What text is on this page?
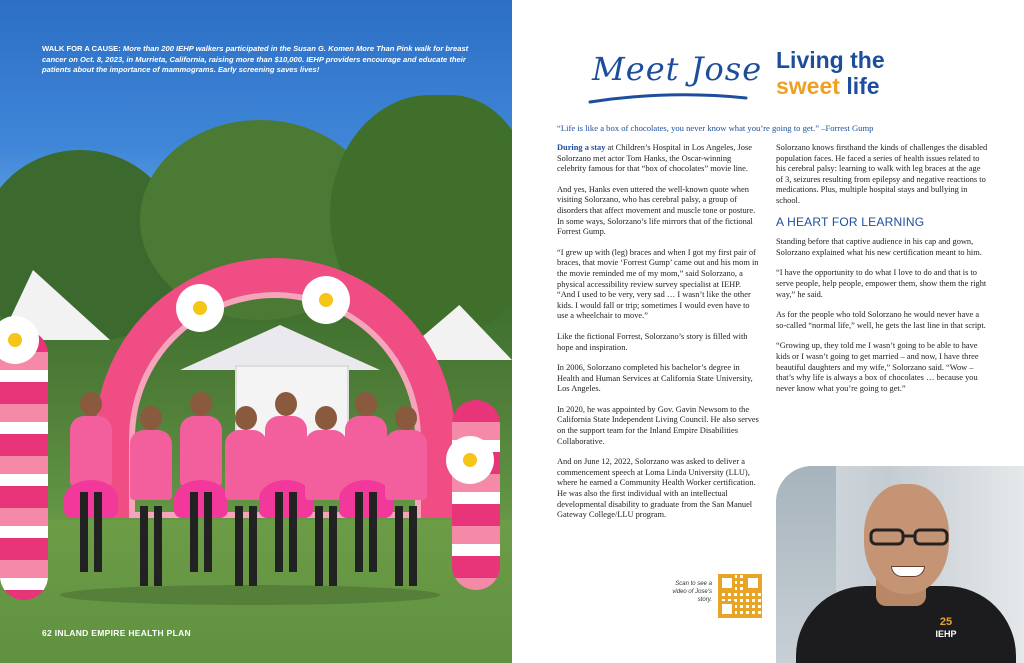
WALK FOR A CAUSE: More than 200 IEHP walkers participated in the Susan G. Komen More Than Pink walk for breast cancer on Oct. 8, 2023, in Murrieta, California, raising more than $10,000. IEHP providers encourage and educate their patients about the importance of mammograms. Early screening saves lives!
62 INLAND EMPIRE HEALTH PLAN
Meet Jose Living the
sweet life
“Life is like a box of chocolates, you never know what you’re going to get.” –Forrest Gump

During a stay at Children’s Hospital in Los Angeles, Jose Solorzano met actor Tom Hanks, the Oscar-winning celebrity famous for that “box of chocolates” movie line.

And yes, Hanks even uttered the well-known quote when visiting Solorzano, who has cerebral palsy, a group of disorders that affect movement and muscle tone or posture. In some ways, Solorzano’s life mirrors that of the fictional Forrest Gump.

“I grew up with (leg) braces and when I got my first pair of braces, that movie ‘Forrest Gump’ came out and his mom in the movie reminded me of my mom,” said Solorzano, a physical accessibility review survey specialist at IEHP. “And I used to be very, very sad … I wasn’t like the other kids. I would fall or trip; sometimes I would even have to use a wheelchair to move.”

Like the fictional Forrest, Solorzano’s story is filled with hope and inspiration.

In 2006, Solorzano completed his bachelor’s degree in Health and Human Services at California State University, Los Angeles.

In 2020, he was appointed by Gov. Gavin Newsom to the California State Independent Living Council. He also serves on the support team for the Inland Empire Disabilities Collaborative.

And on June 12, 2022, Solorzano was asked to deliver a commencement speech at Loma Linda University (LLU), where he earned a Community Health Worker certification. He was also the first individual with an intellectual developmental disability to graduate from the San Manuel Gateway College/LLU program.

Solorzano knows firsthand the kinds of challenges the disabled population faces. He faced a series of health issues related to his cerebral palsy: learning to walk with leg braces at the age of 3, seizures resulting from epilepsy and negative reactions to medications. Plus, multiple hospital stays and bullying in school.

A HEART FOR LEARNING

Standing before that captive audience in his cap and gown, Solorzano explained what his new certification meant to him.

“I have the opportunity to do what I love to do and that is to serve people, help people, empower them, show them the right way,” he said.

As for the people who told Solorzano he would never have a so-called “normal life,” well, he gets the last line in that script.

“Growing up, they told me I wasn’t going to be able to have kids or I wasn’t going to get married – and now, I have three beautiful daughters and my wife,” Solorzano said. “Wow – that’s why life is always a box of chocolates … because you never know what you’re going to get.”

Scan to see a video of Jose’s story.
25
IEHP
